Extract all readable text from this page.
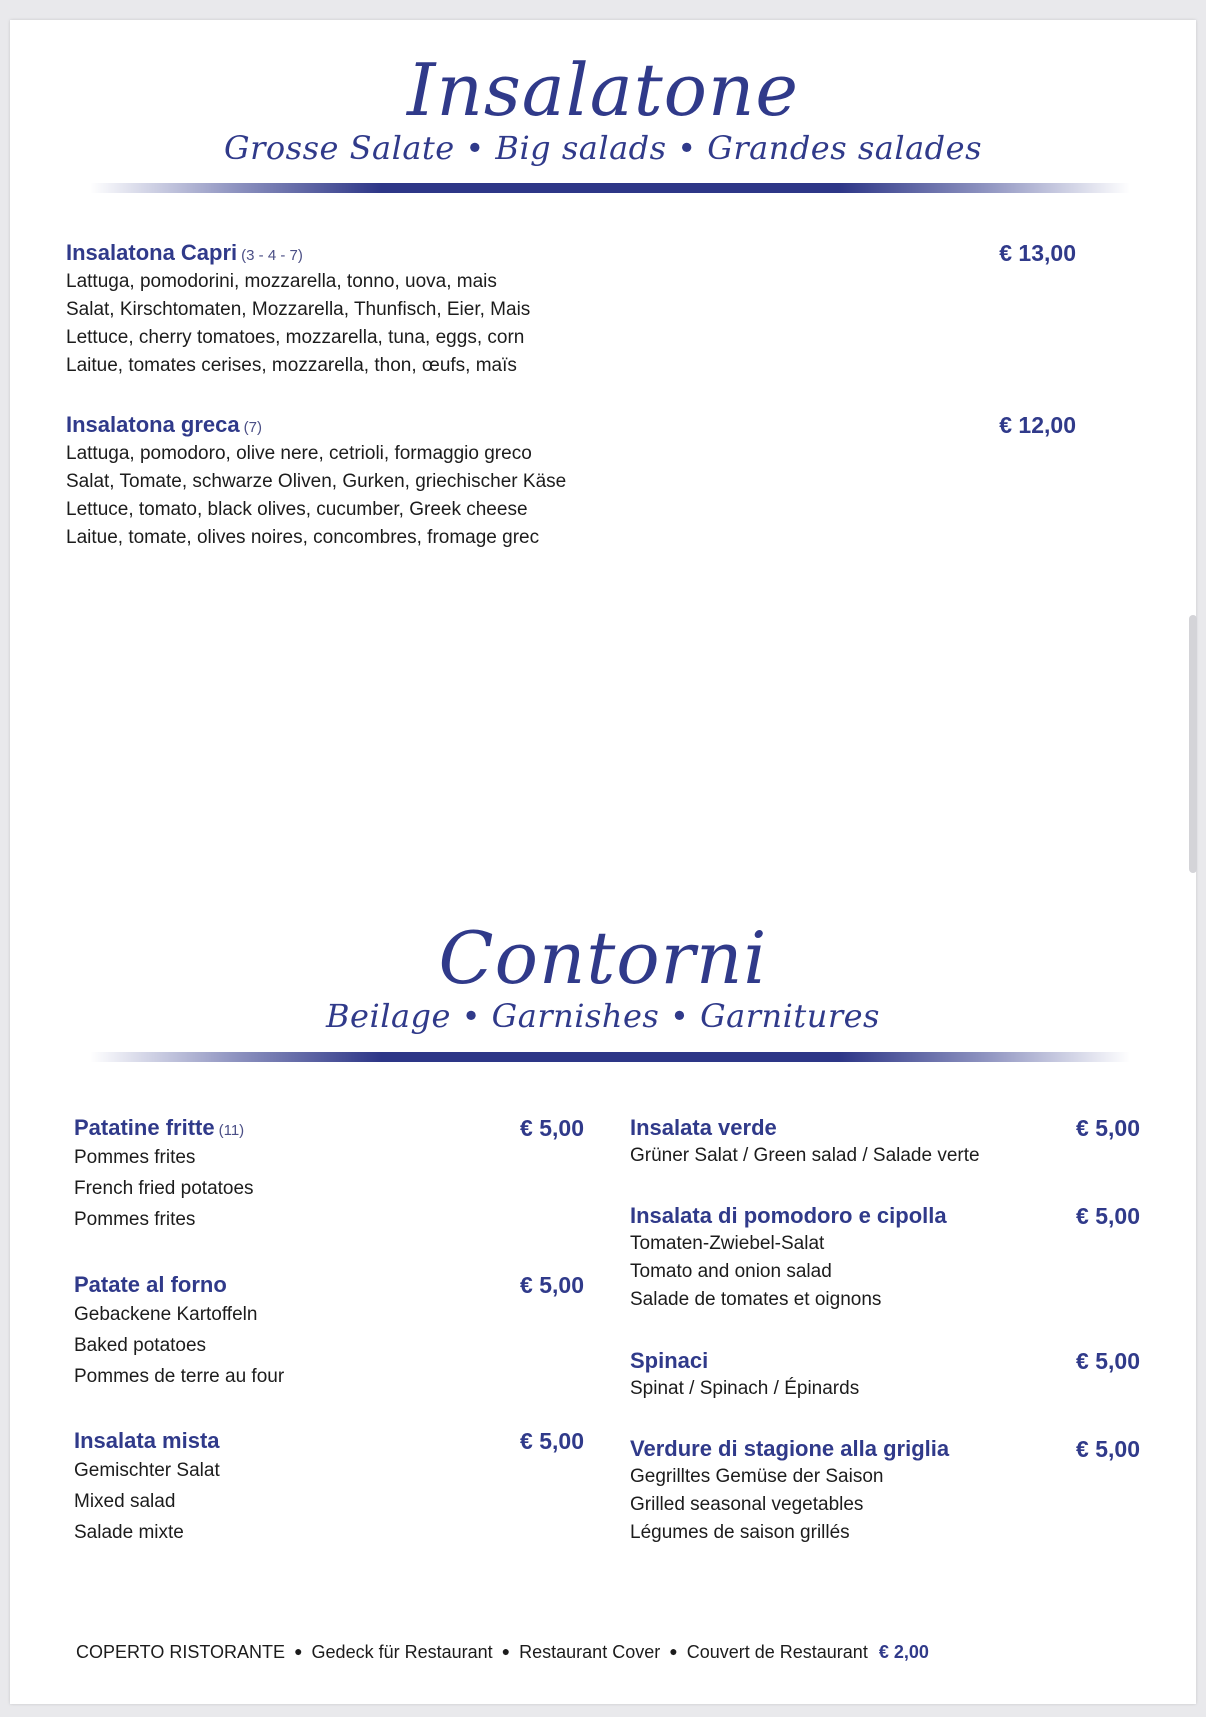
Insalatone
Grosse Salate • Big salads • Grandes salades
Insalatona Capri (3 - 4 - 7)	€ 13,00
Lattuga, pomodorini, mozzarella, tonno, uova, mais
Salat, Kirschtomaten, Mozzarella, Thunfisch, Eier, Mais
Lettuce, cherry tomatoes, mozzarella, tuna, eggs, corn
Laitue, tomates cerises, mozzarella, thon, œufs, maïs
Insalatona greca (7)	€ 12,00
Lattuga, pomodoro, olive nere, cetrioli, formaggio greco
Salat, Tomate, schwarze Oliven, Gurken, griechischer Käse
Lettuce, tomato, black olives, cucumber, Greek cheese
Laitue, tomate, olives noires, concombres, fromage grec
Contorni
Beilage • Garnishes • Garnitures
Patatine fritte (11)	€ 5,00
Pommes frites
French fried potatoes
Pommes frites
Patate al forno	€ 5,00
Gebackene Kartoffeln
Baked potatoes
Pommes de terre au four
Insalata mista	€ 5,00
Gemischter Salat
Mixed salad
Salade mixte
Insalata verde	€ 5,00
Grüner Salat / Green salad / Salade verte
Insalata di pomodoro e cipolla	€ 5,00
Tomaten-Zwiebel-Salat
Tomato and onion salad
Salade de tomates et oignons
Spinaci	€ 5,00
Spinat / Spinach / Épinards
Verdure di stagione alla griglia	€ 5,00
Gegrilltes Gemüse der Saison
Grilled seasonal vegetables
Légumes de saison grillés
COPERTO RISTORANTE ● Gedeck für Restaurant ● Restaurant Cover ● Couvert de Restaurant € 2,00
